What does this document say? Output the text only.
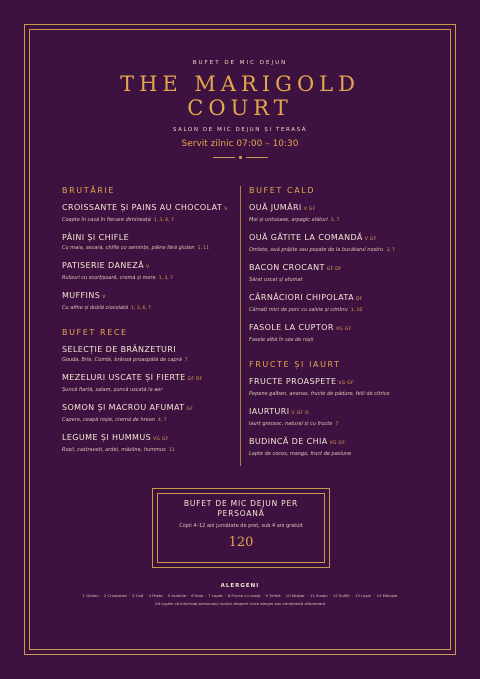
BUFET DE MIC DEJUN
THE MARIGOLD
COURT
SALON DE MIC DEJUN ȘI TERASĂ
Servit zilnic 07:00 – 10:30
BRUTĂRIE
CROISSANTE ȘI PAINS AU CHOCOLAT V
Coapte în casă în fiecare dimineață 1, 3, 6, 7
PÂINI ȘI CHIFLE
Cu maia, secară, chifle cu semințe, pâine fără gluten 1, 11
PATISERIE DANEZĂ V
Rulouri cu scorțișoară, cremă și mere 1, 3, 7
MUFFINS V
Cu afine și dublă ciocolată 1, 3, 6, 7
BUFET RECE
SELECȚIE DE BRÂNZETURI
Gouda, Brie, Comté, brânză proaspătă de capră 7
MEZELURI USCATE ȘI FIERTE GF DF
Șuncă fiartă, salam, șuncă uscată la aer
SOMON ȘI MACROU AFUMAT GF
Capere, ceapă roșie, cremă de hrean 4, 7
LEGUME ȘI HUMMUS VG GF
Roșii, castraveți, ardei, măsline, hummus 11
BUFET CALD
OUĂ JUMĂRI V GF
Moi și untuoase, arpagic alături 3, 7
OUĂ GĂTITE LA COMANDĂ V GF
Omlete, ouă prăjite sau poșate de la bucătarul nostru 3, 7
BACON CROCANT GF DF
Sărat uscat și afumat
CÂRNĂCIORI CHIPOLATA DF
Cârnați mici de porc cu salvie și cimbru 1, 10
FASOLE LA CUPTOR VG GF
Fasole albă în sos de roșii
FRUCTE ȘI IAURT
FRUCTE PROASPETE VG GF
Pepene galben, ananas, fructe de pădure, felii de citrice
IAURTURI V GF O
Iaurt grecesc, natural și cu fructe 7
BUDINCĂ DE CHIA VG GF
Lapte de cocos, mango, fruct de pasiune
BUFET DE MIC DEJUN PER PERSOANĂ
Copii 4–12 ani jumătate de preț, sub 4 ani gratuit
120
ALERGENI
1 Gluten · 2 Crustacee · 3 Ouă · 4 Pește · 5 Arahide · 6 Soia · 7 Lapte · 8 Fructe cu coajă · 9 Țelină · 10 Muștar · 11 Susan · 12 Sulfiți · 13 Lupin · 14 Moluște
Vă rugăm să informați personalul nostru despere orice alergie sau intoleranță alimentară
